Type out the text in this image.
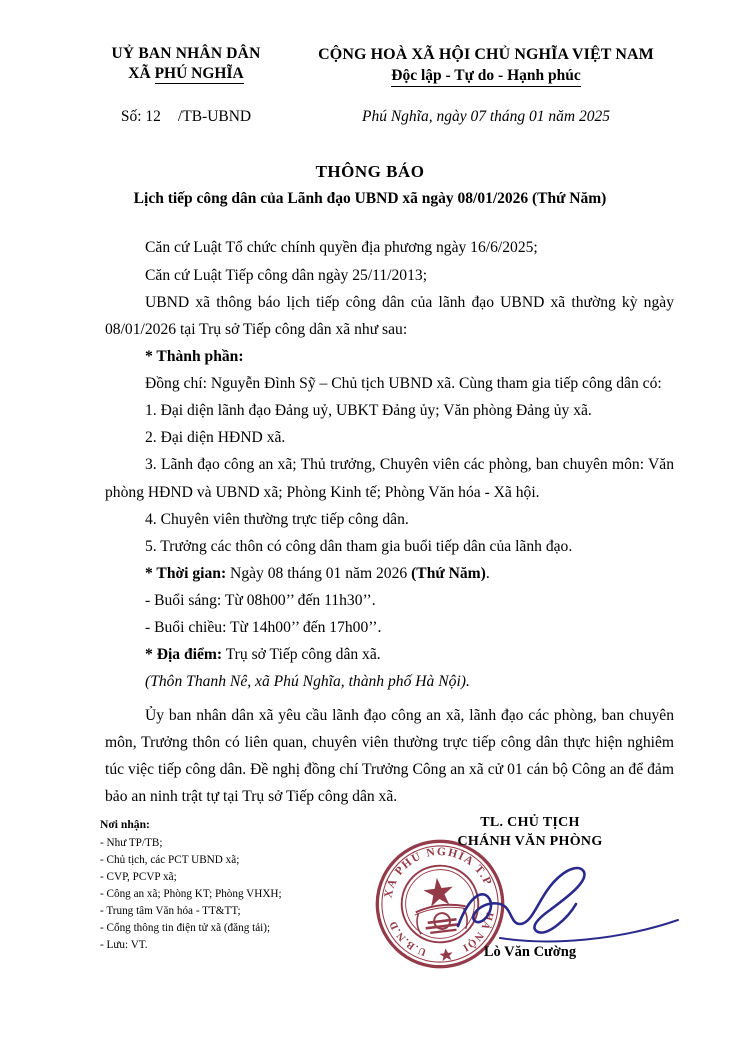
UỶ BAN NHÂN DÂN
XÃ PHÚ NGHĨA
CỘNG HOÀ XÃ HỘI CHỦ NGHĨA VIỆT NAM
Độc lập - Tự do - Hạnh phúc
Số: 12 /TB-UBND	Phú Nghĩa, ngày 07 tháng 01 năm 2025
THÔNG BÁO
Lịch tiếp công dân của Lãnh đạo UBND xã ngày 08/01/2026 (Thứ Năm)

Căn cứ Luật Tổ chức chính quyền địa phương ngày 16/6/2025;

Căn cứ Luật Tiếp công dân ngày 25/11/2013;

UBND xã thông báo lịch tiếp công dân của lãnh đạo UBND xã thường kỳ ngày 08/01/2026 tại Trụ sở Tiếp công dân xã như sau:

* Thành phần:

Đồng chí: Nguyễn Đình Sỹ – Chủ tịch UBND xã. Cùng tham gia tiếp công dân có:

1. Đại diện lãnh đạo Đảng uỷ, UBKT Đảng ủy; Văn phòng Đảng ủy xã.

2. Đại diện HĐND xã.

3. Lãnh đạo công an xã; Thủ trưởng, Chuyên viên các phòng, ban chuyên môn: Văn phòng HĐND và UBND xã; Phòng Kinh tế; Phòng Văn hóa - Xã hội.

4. Chuyên viên thường trực tiếp công dân.

5. Trưởng các thôn có công dân tham gia buổi tiếp dân của lãnh đạo.

* Thời gian: Ngày 08 tháng 01 năm 2026 (Thứ Năm).

- Buổi sáng: Từ 08h00’’ đến 11h30’’.

- Buổi chiều: Từ 14h00’’ đến 17h00’’.

* Địa điểm: Trụ sở Tiếp công dân xã.

(Thôn Thanh Nê, xã Phú Nghĩa, thành phố Hà Nội).

Ủy ban nhân dân xã yêu cầu lãnh đạo công an xã, lãnh đạo các phòng, ban chuyên môn, Trưởng thôn có liên quan, chuyên viên thường trực tiếp công dân thực hiện nghiêm túc việc tiếp công dân. Đề nghị đồng chí Trưởng Công an xã cử 01 cán bộ Công an để đảm bảo an ninh trật tự tại Trụ sở Tiếp công dân xã.

Nơi nhận:
- Như TP/TB;
- Chủ tịch, các PCT UBND xã;
- CVP, PCVP xã;
- Công an xã; Phòng KT; Phòng VHXH;
- Trung tâm Văn hóa - TT&TT;
- Cổng thông tin điện tử xã (đăng tải);
- Lưu: VT.
TL. CHỦ TỊCH
CHÁNH VĂN PHÒNG
XÃ PHÚ NGHĨA T.P
U.B.N.D
HÀ NỘI Lò Văn Cường
